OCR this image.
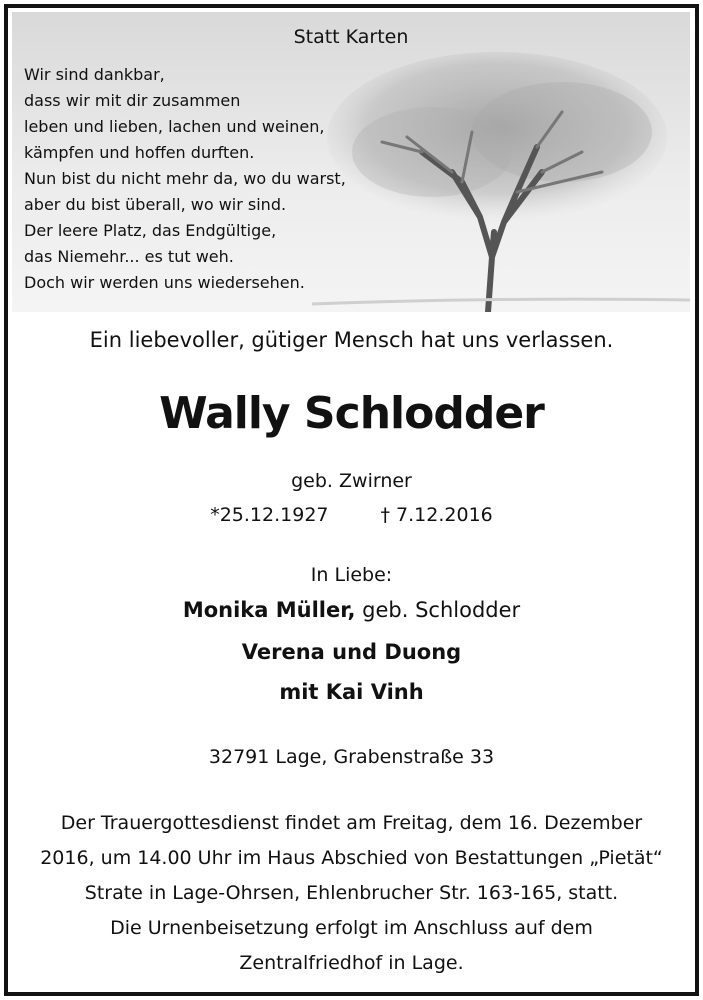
Statt Karten
Wir sind dankbar,
dass wir mit dir zusammen
leben und lieben, lachen und weinen,
kämpfen und hoffen durften.
Nun bist du nicht mehr da, wo du warst,
aber du bist überall, wo wir sind.
Der leere Platz, das Endgültige,
das Niemehr... es tut weh.
Doch wir werden uns wiedersehen.
Ein liebevoller, gütiger Mensch hat uns verlassen.
Wally Schlodder
geb. Zwirner
*25.12.1927	† 7.12.2016
In Liebe:
Monika Müller, geb. Schlodder
Verena und Duong
mit Kai Vinh
32791 Lage, Grabenstraße 33
Der Trauergottesdienst findet am Freitag, dem 16. Dezember
2016, um 14.00 Uhr im Haus Abschied von Bestattungen „Pietät“
Strate in Lage-Ohrsen, Ehlenbrucher Str. 163-165, statt.
Die Urnenbeisetzung erfolgt im Anschluss auf dem
Zentralfriedhof in Lage.
